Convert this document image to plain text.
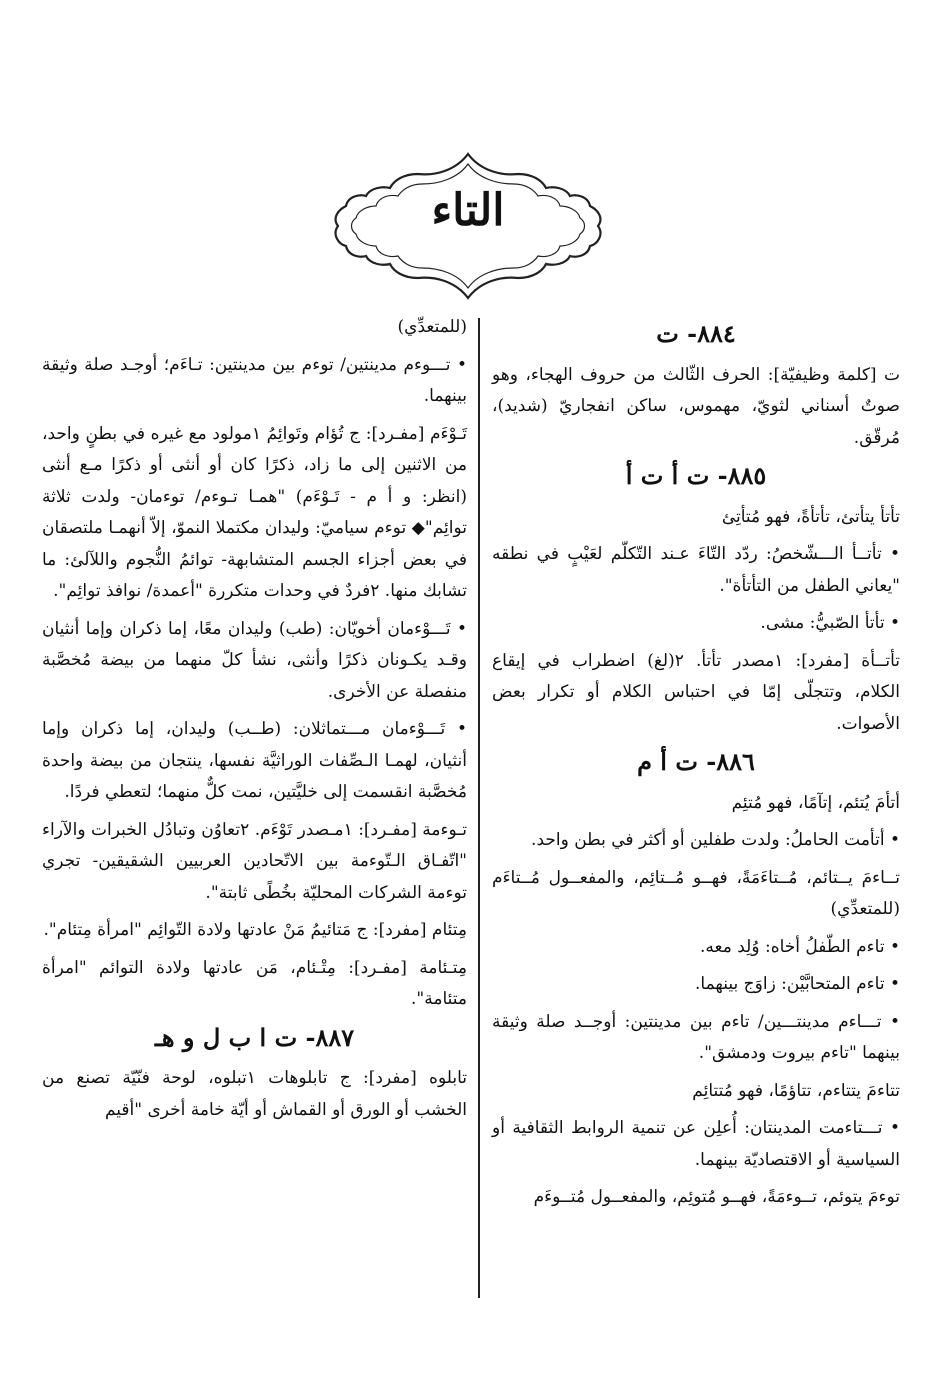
التاء
٨٨٤- ت

ت [كلمة وظيفيّة]: الحرف الثّالث من حروف الهجاء، وهو صوتٌ أسناني لثويّ، مهموس، ساكن انفجاريّ (شديد)، مُرقّق.

٨٨٥- ت أ ت أ

تأتأ يتأتئ، تأتأةً، فهو مُتأتِئ

• تأتــأ الـــشّخصُ: ردّد التّاءَ عـند التّكلّم لعَيْبٍ في نطقه "يعاني الطفل من التأتأة".

• تأتأ الصّبيُّ: مشى.

تأتــأة [مفرد]: ١مصدر تأتأ. ٢(لغ) اضطراب في إيقاع الكلام، وتتجلّى إمّا في احتباس الكلام أو تكرار بعض الأصوات.

٨٨٦- ت أ م

أتأمَ يُتئم، إتآمًا، فهو مُتئِم

• أتأمت الحاملُ: ولدت طفلين أو أكثر في بطن واحد.

تــاءمَ يــتائم، مُــتاءَمَةً، فهــو مُــتائِم، والمفعــول مُــتاءَم (للمتعدِّي)

• تاءم الطّفلُ أخاه: وُلِد معه.

• تاءم المتحابَّيْن: زاوَج بينهما.

• تـــاءم مدينتـــين/ تاءم بين مدينتين: أوجــد صلة وثيقة بينهما "تاءم بيروت ودمشق".

تتاءمَ يتتاءم، تتاؤمًا، فهو مُتتائِم

• تـــتاءمت المدينتان: أُعلِن عن تنمية الروابط الثقافية أو السياسية أو الاقتصاديّة بينهما.

توءمَ يتوئم، تــوءمَةً، فهــو مُتوئِم، والمفعــول مُتــوءَم

(للمتعدِّي)

• تـــوءم مدينتين/ توءم بين مدينتين: تـاءَم؛ أوجـد صلة وثيقة بينهما.

تَـوْءَم [مفـرد]: ج تُؤام وتَوائِمُ ١مولود مع غيره في بطنٍ واحد، من الاثنين إلى ما زاد، ذكرًا كان أو أنثى أو ذكرًا مـع أنثى (انظر: و أ م - تَـوْءَم) "همـا تـوءم/ توءمان- ولدت ثلاثة توائِم"◆ توءم سياميّ: وليدان مكتملا النموّ، إلاّ أنهمـا ملتصقان في بعض أجزاء الجسم المتشابهة- توائمُ النُّجوم واللآلئ: ما تشابك منها. ٢فردٌ في وحدات متكررة "أعمدة/ نوافذ توائِم".

• تَـــوْءمان أخويّان: (طب) وليدان معًا، إما ذكران وإما أنثيان وقـد يكـونان ذكرًا وأنثى، نشأ كلّ منهما من بيضة مُخصَّبة منفصلة عن الأخرى.

• تَـــوْءمان مـــتماثلان: (طــب) وليدان، إما ذكران وإما أنثيان، لهمـا الـصِّفات الوراثيَّة نفسها، ينتجان من بيضة واحدة مُخصَّبة انقسمت إلى خليَّتين، نمت كلٌّ منهما؛ لتعطي فردًا.

تـوءمة [مفـرد]: ١مـصدر تَوْءَم. ٢تعاوُن وتبادُل الخبرات والآراء "اتّفـاق الـتّوءمة بين الاتّحادين العربيين الشقيقين- تجري توءمة الشركات المحليّة بخُطًى ثابتة".

مِتئام [مفرد]: ج مَتائيمُ مَنْ عادتها ولادة التّوائِم "امرأة مِتئام".

مِتـئامة [مفـرد]: مِتْـئام، مَن عادتها ولادة التوائم "امرأة متئامة".

٨٨٧- ت ا ب ل و هـ

تابلوه [مفرد]: ج تابلوهات ١تبلوه، لوحة فنّيّة تصنع من الخشب أو الورق أو القماش أو أيّة خامة أخرى "أقيم
